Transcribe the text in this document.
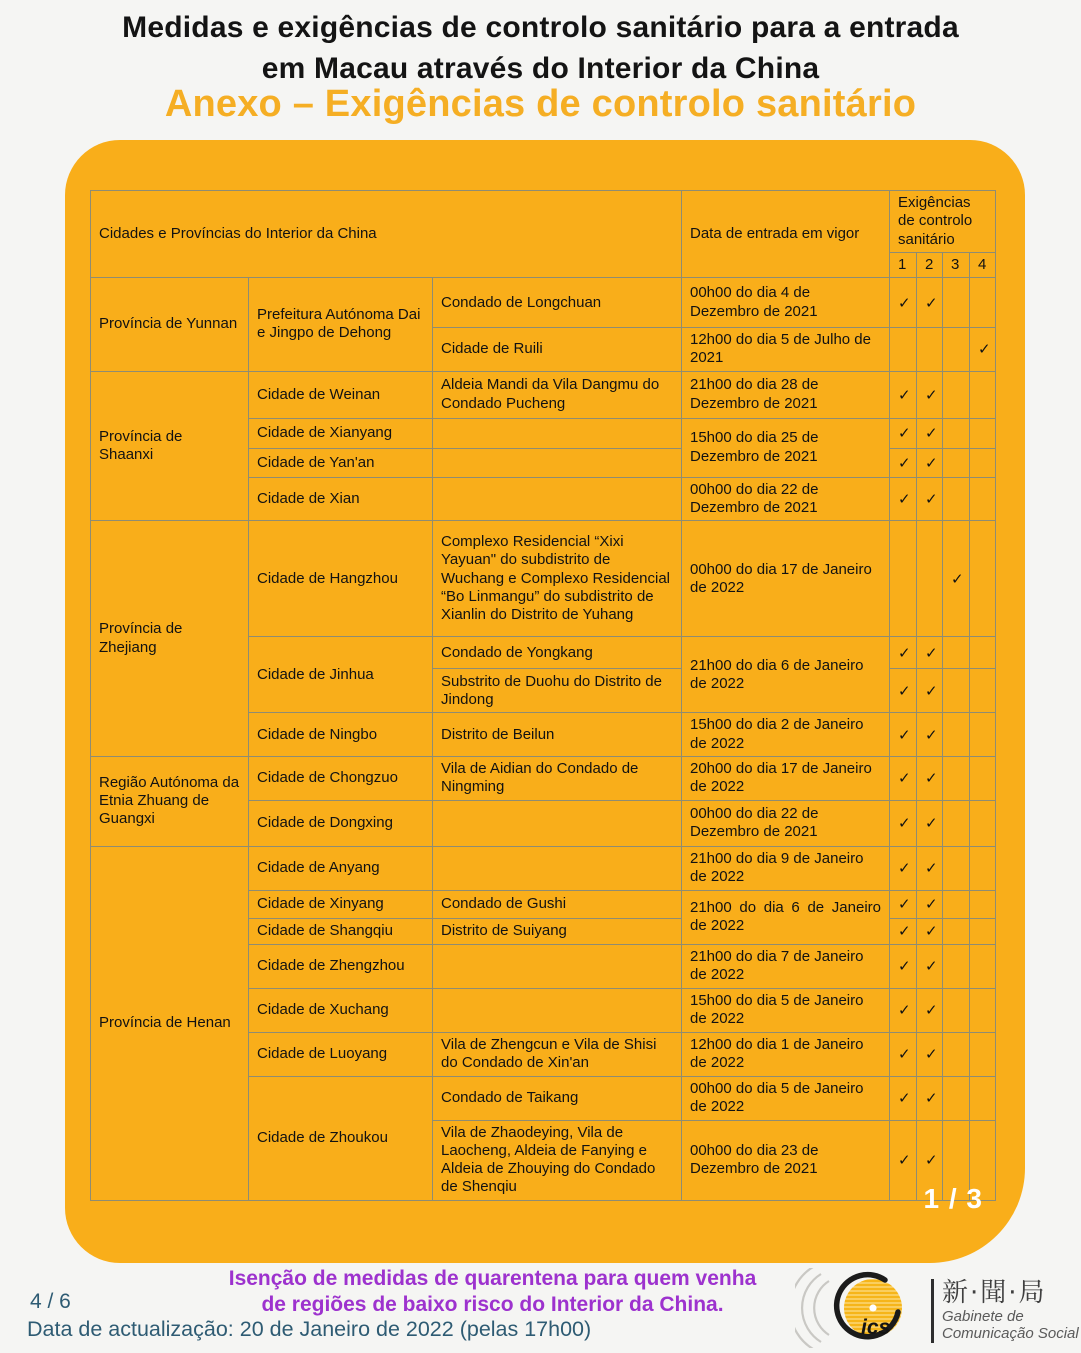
Medidas e exigências de controlo sanitário para a entrada
em Macau através do Interior da China
Anexo – Exigências de controlo sanitário
Cidades e Províncias do Interior da China			Data de entrada em vigor	Exigências de controlo sanitário			
				1	2	3	4
Província de Yunnan	Prefeitura Autónoma Dai e Jingpo de Dehong	Condado de Longchuan	00h00 do dia 4 de Dezembro de 2021	✓	✓		
		Cidade de Ruili	12h00 do dia 5 de Julho de 2021				✓
Província de Shaanxi	Cidade de Weinan	Aldeia Mandi da Vila Dangmu do Condado Pucheng	21h00 do dia 28 de Dezembro de 2021	✓	✓		
	Cidade de Xianyang		15h00 do dia 25 de Dezembro de 2021	✓	✓		
	Cidade de Yan'an			✓	✓		
	Cidade de Xian		00h00 do dia 22 de Dezembro de 2021	✓	✓		
Província de Zhejiang	Cidade de Hangzhou	Complexo Residencial “Xixi Yayuan" do subdistrito de Wuchang e Complexo Residencial “Bo Linmangu” do subdistrito de Xianlin do Distrito de Yuhang	00h00 do dia 17 de Janeiro de 2022			✓	
	Cidade de Jinhua	Condado de Yongkang	21h00 do dia 6 de Janeiro de 2022	✓	✓		
		Substrito de Duohu do Distrito de Jindong		✓	✓		
	Cidade de Ningbo	Distrito de Beilun	15h00 do dia 2 de Janeiro de 2022	✓	✓		
Região Autónoma da Etnia Zhuang de Guangxi	Cidade de Chongzuo	Vila de Aidian do Condado de Ningming	20h00 do dia 17 de Janeiro de 2022	✓	✓		
	Cidade de Dongxing		00h00 do dia 22 de Dezembro de 2021	✓	✓		
Província de Henan	Cidade de Anyang		21h00 do dia 9 de Janeiro de 2022	✓	✓		
	Cidade de Xinyang	Condado de Gushi	21h00 do dia 6 de Janeiro de 2022	✓	✓		
	Cidade de Shangqiu	Distrito de Suiyang		✓	✓		
	Cidade de Zhengzhou		21h00 do dia 7 de Janeiro de 2022	✓	✓		
	Cidade de Xuchang		15h00 do dia 5 de Janeiro de 2022	✓	✓		
	Cidade de Luoyang	Vila de Zhengcun e Vila de Shisi do Condado de Xin'an	12h00 do dia 1 de Janeiro de 2022	✓	✓		
	Cidade de Zhoukou	Condado de Taikang	00h00 do dia 5 de Janeiro de 2022	✓	✓		
		Vila de Zhaodeying, Vila de Laocheng, Aldeia de Fanying e Aldeia de Zhouying do Condado de Shenqiu	00h00 do dia 23 de Dezembro de 2021	✓	✓		
1 / 3
Isenção de medidas de quarentena para quem venha
de regiões de baixo risco do Interior da China.
4 / 6
Data de actualização: 20 de Janeiro de 2022 (pelas 17h00)	ics
新·聞·局
Gabinete de
Comunicação Social
